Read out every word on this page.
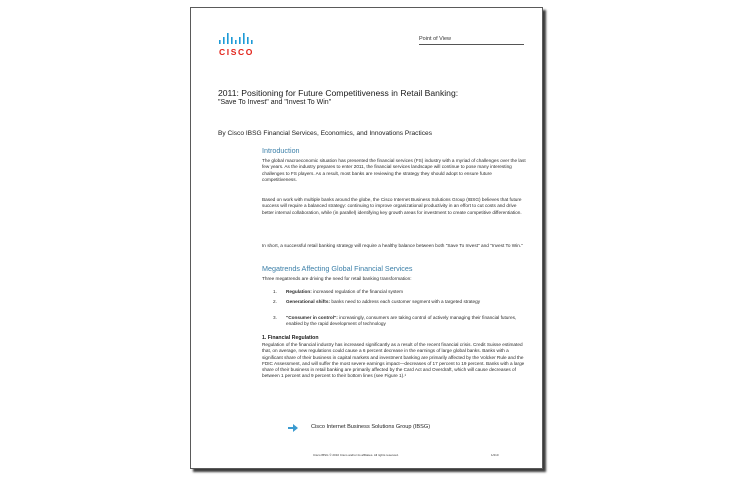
CISCO
Point of View
2011: Positioning for Future Competitiveness in Retail Banking:
"Save To Invest" and "Invest To Win"
By Cisco IBSG Financial Services, Economics, and Innovations Practices
Introduction
The global macroeconomic situation has presented the financial services (FS) industry with a myriad of challenges over the last few years. As the industry prepares to enter 2011, the financial services landscape will continue to pose many interesting challenges to FS players. As a result, most banks are reviewing the strategy they should adopt to ensure future competitiveness.
Based on work with multiple banks around the globe, the Cisco Internet Business Solutions Group (IBSG) believes that future success will require a balanced strategy: continuing to improve organizational productivity in an effort to cut costs and drive better internal collaboration, while (in parallel) identifying key growth areas for investment to create competitive differentiation.
In short, a successful retail banking strategy will require a healthy balance between both "Save To Invest" and "Invest To Win."
Megatrends Affecting Global Financial Services
Three megatrends are driving the need for retail banking transformation:
1.	Regulation: increased regulation of the financial system
2.	Generational shifts: banks need to address each customer segment with a targeted strategy
3.	"Consumer in control": increasingly, consumers are taking control of actively managing their financial futures, enabled by the rapid development of technology
1. Financial Regulation
Regulation of the financial industry has increased significantly as a result of the recent financial crisis. Credit Suisse estimated that, on average, new regulations could cause a 6 percent decrease in the earnings of large global banks. Banks with a significant share of their business in capital markets and investment banking are primarily affected by the Volcker Rule and the FDIC Assessment, and will suffer the most severe earnings impact—decreases of 17 percent to 19 percent. Banks with a large share of their business in retail banking are primarily affected by the Card Act and Overdraft, which will cause decreases of between 1 percent and 9 percent to their bottom lines (see Figure 1).¹
Cisco Internet Business Solutions Group (IBSG)
Cisco IBSG © 2010 Cisco and/or its affiliates. All rights reserved.	1/210
